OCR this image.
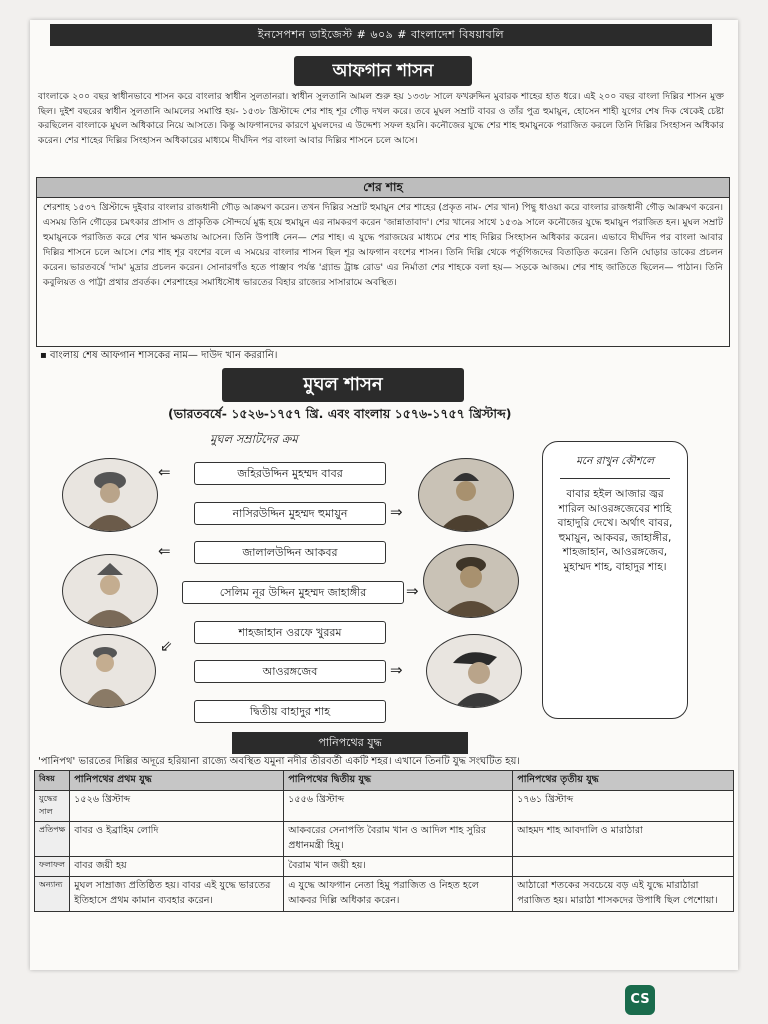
ইনসেপশন ডাইজেস্ট # ৬০৯ # বাংলাদেশ বিষয়াবলি
আফগান শাসন

বাংলাকে ২০০ বছর স্বাধীনভাবে শাসন করে বাংলার স্বাধীন সুলতানরা। স্বাধীন সুলতানি আমল শুরু হয় ১৩৩৮ সালে ফখরুদ্দিন মুবারক শাহের হাত ধরে। এই ২০০ বছর বাংলা দিল্লির শাসন মুক্ত ছিল। দুইশ বছরের স্বাধীন সুলতানি আমলের সমাপ্তি হয়- ১৫৩৮ খ্রিস্টাব্দে শের শাহ শূর গৌড় দখল করে। তবে মুঘল সম্রাট বাবর ও তাঁর পুত্র হুমায়ুন, হোসেন শাহী যুগের শেষ দিক থেকেই চেষ্টা করছিলেন বাংলাকে মুঘল অধিকারে নিয়ে আসতে। কিন্তু আফগানদের কারণে মুঘলদের এ উদ্দেশ্য সফল হয়নি। কনৌজের যুদ্ধে শের শাহ হুমায়ুনকে পরাজিত করলে তিনি দিল্লির সিংহাসন অধিকার করেন। শের শাহের দিল্লির সিংহাসন অধিকারের মাধ্যমে দীর্ঘদিন পর বাংলা আবার দিল্লির শাসনে চলে আসে।

শের শাহ
শেরশাহ ১৫৩৭ খ্রিস্টাব্দে দুইবার বাংলার রাজধানী গৌড় আক্রমণ করেন। তখন দিল্লির সম্রাট হুমায়ুন শের শাহের (প্রকৃত নাম- শের খান) পিছু ধাওয়া করে বাংলার রাজধানী গৌড় আক্রমণ করেন। এসময় তিনি গৌড়ের চমৎকার প্রাসাদ ও প্রাকৃতিক সৌন্দর্যে মুগ্ধ হয়ে হুমায়ুন এর নামকরণ করেন 'জান্নাতাবাদ'। শের খানের সাথে ১৫৩৯ সালে কনৌজের যুদ্ধে হুমায়ুন পরাজিত হন। মুঘল সম্রাট হুমায়ুনকে পরাজিত করে শের খান ক্ষমতায় আসেন। তিনি উপাধি নেন— শের শাহ। এ যুদ্ধে পরাজয়ের মাধ্যমে শের শাহ দিল্লির সিংহাসন অধিকার করেন। এভাবে দীর্ঘদিন পর বাংলা আবার দিল্লির শাসনে চলে আসে। শের শাহ শূর বংশের বলে এ সময়ের বাংলার শাসন ছিল শূর আফগান বংশের শাসন। তিনি দিল্লি থেকে পর্তুগিজদের বিতাড়িত করেন। তিনি ঘোড়ার ডাকের প্রচলন করেন। ভারতবর্ষে 'দাম' মুদ্রার প্রচলন করেন। সোনারগাঁও হতে পাঞ্জাব পর্যন্ত 'গ্র্যান্ড ট্রাঙ্ক রোড' এর নির্মাতা শের শাহকে বলা হয়— সড়কে আজম। শের শাহ জাতিতে ছিলেন— পাঠান। তিনি কবুলিয়ত ও পাট্টা প্রথার প্রবর্তক। শেরশাহের সমাধিসৌধ ভারতের বিহার রাজ্যের সাসারামে অবস্থিত।
▪ বাংলায় শেষ আফগান শাসকের নাম— দাউদ খান কররানি।
মুঘল শাসন
(ভারতবর্ষে- ১৫২৬-১৭৫৭ খ্রি. এবং বাংলায় ১৫৭৬-১৭৫৭ খ্রিস্টাব্দ)
মুঘল সম্রাটদের ক্রম
জহিরউদ্দিন মুহম্মদ বাবর
নাসিরউদ্দিন মুহম্মদ হুমায়ুন
জালালউদ্দিন আকবর
সেলিম নূর উদ্দিন মুহম্মদ জাহাঙ্গীর
শাহজাহান ওরফে খুররম
আওরঙ্গজেব
দ্বিতীয় বাহাদুর শাহ
⇐
⇒
⇐
⇒
⇙
⇒
মনে রাখুন কৌশলে
বাবার হইল আজার জ্বর শারিল আওরঙ্গজেবের শাহি বাহাদুরি দেখে। অর্থাৎ বাবর, হুমায়ুন, আকবর, জাহাঙ্গীর, শাহজাহান, আওরঙ্গজেব, মুহাম্মদ শাহ, বাহাদুর শাহ।
পানিপথের যুদ্ধ
'পানিপথ' ভারতের দিল্লির অদূরে হরিয়ানা রাজ্যে অবস্থিত যমুনা নদীর তীরবর্তী একটি শহর। এখানে তিনটি যুদ্ধ সংঘটিত হয়।
বিষয়	পানিপথের প্রথম যুদ্ধ	পানিপথের দ্বিতীয় যুদ্ধ	পানিপথের তৃতীয় যুদ্ধ
যুদ্ধের সাল	১৫২৬ খ্রিস্টাব্দ	১৫৫৬ খ্রিস্টাব্দ	১৭৬১ খ্রিস্টাব্দ
প্রতিপক্ষ	বাবর ও ইব্রাহিম লোদি	আকবরের সেনাপতি বৈরাম খান ও আদিল শাহ সুরির প্রধানমন্ত্রী হিমু।	আহমদ শাহ আবদালি ও মারাঠারা
ফলাফল	বাবর জয়ী হয়	বৈরাম খান জয়ী হয়।	
অন্যান্য	মুঘল সাম্রাজ্য প্রতিষ্ঠিত হয়। বাবর এই যুদ্ধে ভারতের ইতিহাসে প্রথম কামান ব্যবহার করেন।	এ যুদ্ধে আফগান নেতা হিমু পরাজিত ও নিহত হলে আকবর দিল্লি অধিকার করেন।	আঠারো শতকের সবচেয়ে বড় এই যুদ্ধে মারাঠারা পরাজিত হয়। মারাঠা শাসকদের উপাধি ছিল পেশোয়া।
CS
